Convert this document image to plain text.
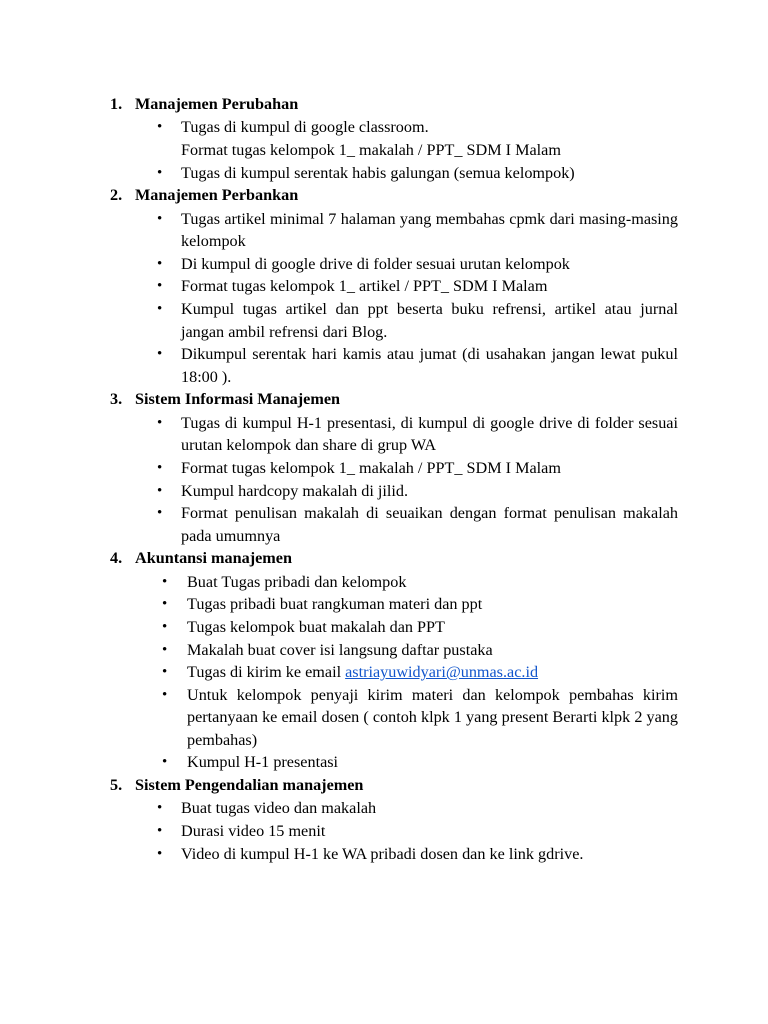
1. Manajemen Perubahan
• Tugas di kumpul di google classroom.
Format tugas kelompok 1_ makalah / PPT_ SDM I Malam
• Tugas di kumpul serentak habis galungan (semua kelompok)
2. Manajemen Perbankan
• Tugas artikel minimal 7 halaman yang membahas cpmk dari masing-masing kelompok
• Di kumpul di google drive di folder sesuai urutan kelompok
• Format tugas kelompok 1_ artikel / PPT_ SDM I Malam
• Kumpul tugas artikel dan ppt beserta buku refrensi, artikel atau jurnal jangan ambil refrensi dari Blog.
• Dikumpul serentak hari kamis atau jumat (di usahakan jangan lewat pukul 18:00 ).
3. Sistem Informasi Manajemen
• Tugas di kumpul H-1 presentasi, di kumpul di google drive di folder sesuai urutan kelompok dan share di grup WA
• Format tugas kelompok 1_ makalah / PPT_ SDM I Malam
• Kumpul hardcopy makalah di jilid.
• Format penulisan makalah di seuaikan dengan format penulisan makalah pada umumnya
4. Akuntansi manajemen
• Buat Tugas pribadi dan kelompok
• Tugas pribadi buat rangkuman materi dan ppt
• Tugas kelompok buat makalah dan PPT
• Makalah buat cover isi langsung daftar pustaka
• Tugas di kirim ke email astriayuwidyari@unmas.ac.id
• Untuk kelompok penyaji kirim materi dan kelompok pembahas kirim pertanyaan ke email dosen ( contoh klpk 1 yang present Berarti klpk 2 yang pembahas)
• Kumpul H-1 presentasi
5. Sistem Pengendalian manajemen
• Buat tugas video dan makalah
• Durasi video 15 menit
• Video di kumpul H-1 ke WA pribadi dosen dan ke link gdrive.
